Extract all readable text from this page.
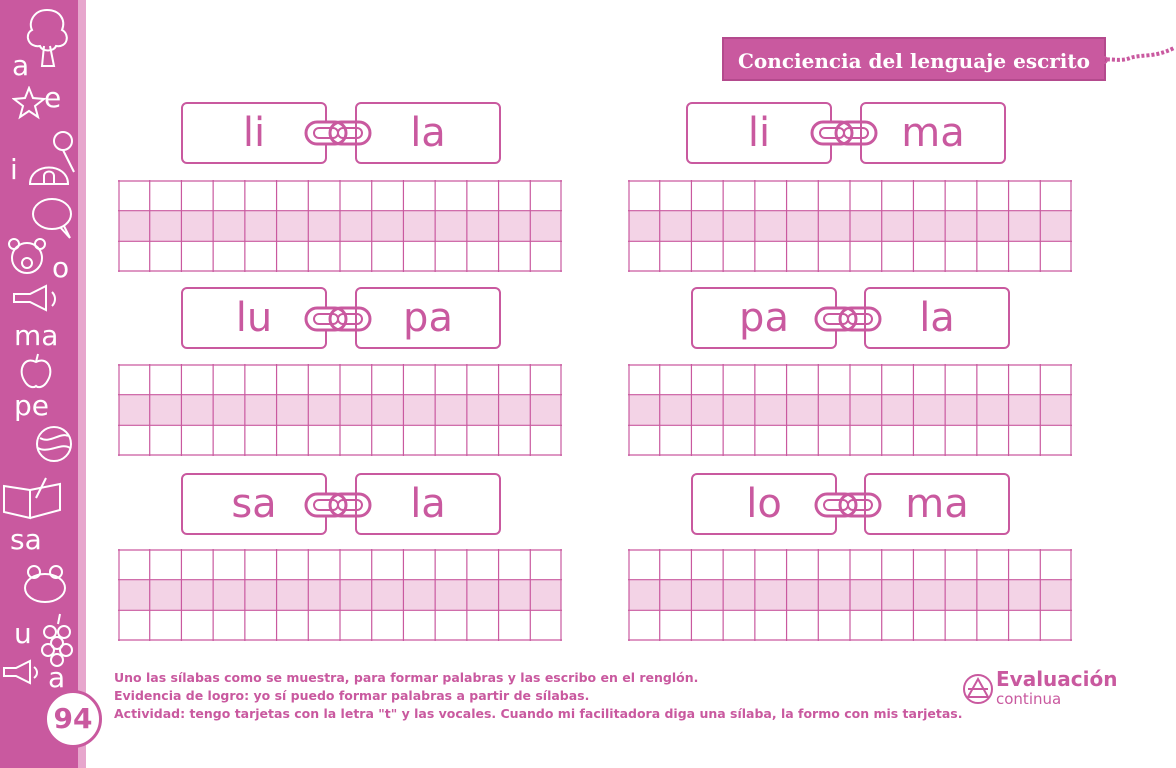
a
e
i
o
ma
pe
sa
u
a
94
Conciencia del lenguaje escrito
li	la	li	ma
lu	pa	pa	la
sa	la	lo	ma
Uno las sílabas como se muestra, para formar palabras y las escribo en el renglón.
Evidencia de logro: yo sí puedo formar palabras a partir de sílabas.
Actividad: tengo tarjetas con la letra "t" y las vocales. Cuando mi facilitadora diga una sílaba, la formo con mis tarjetas.
Evaluación
continua
